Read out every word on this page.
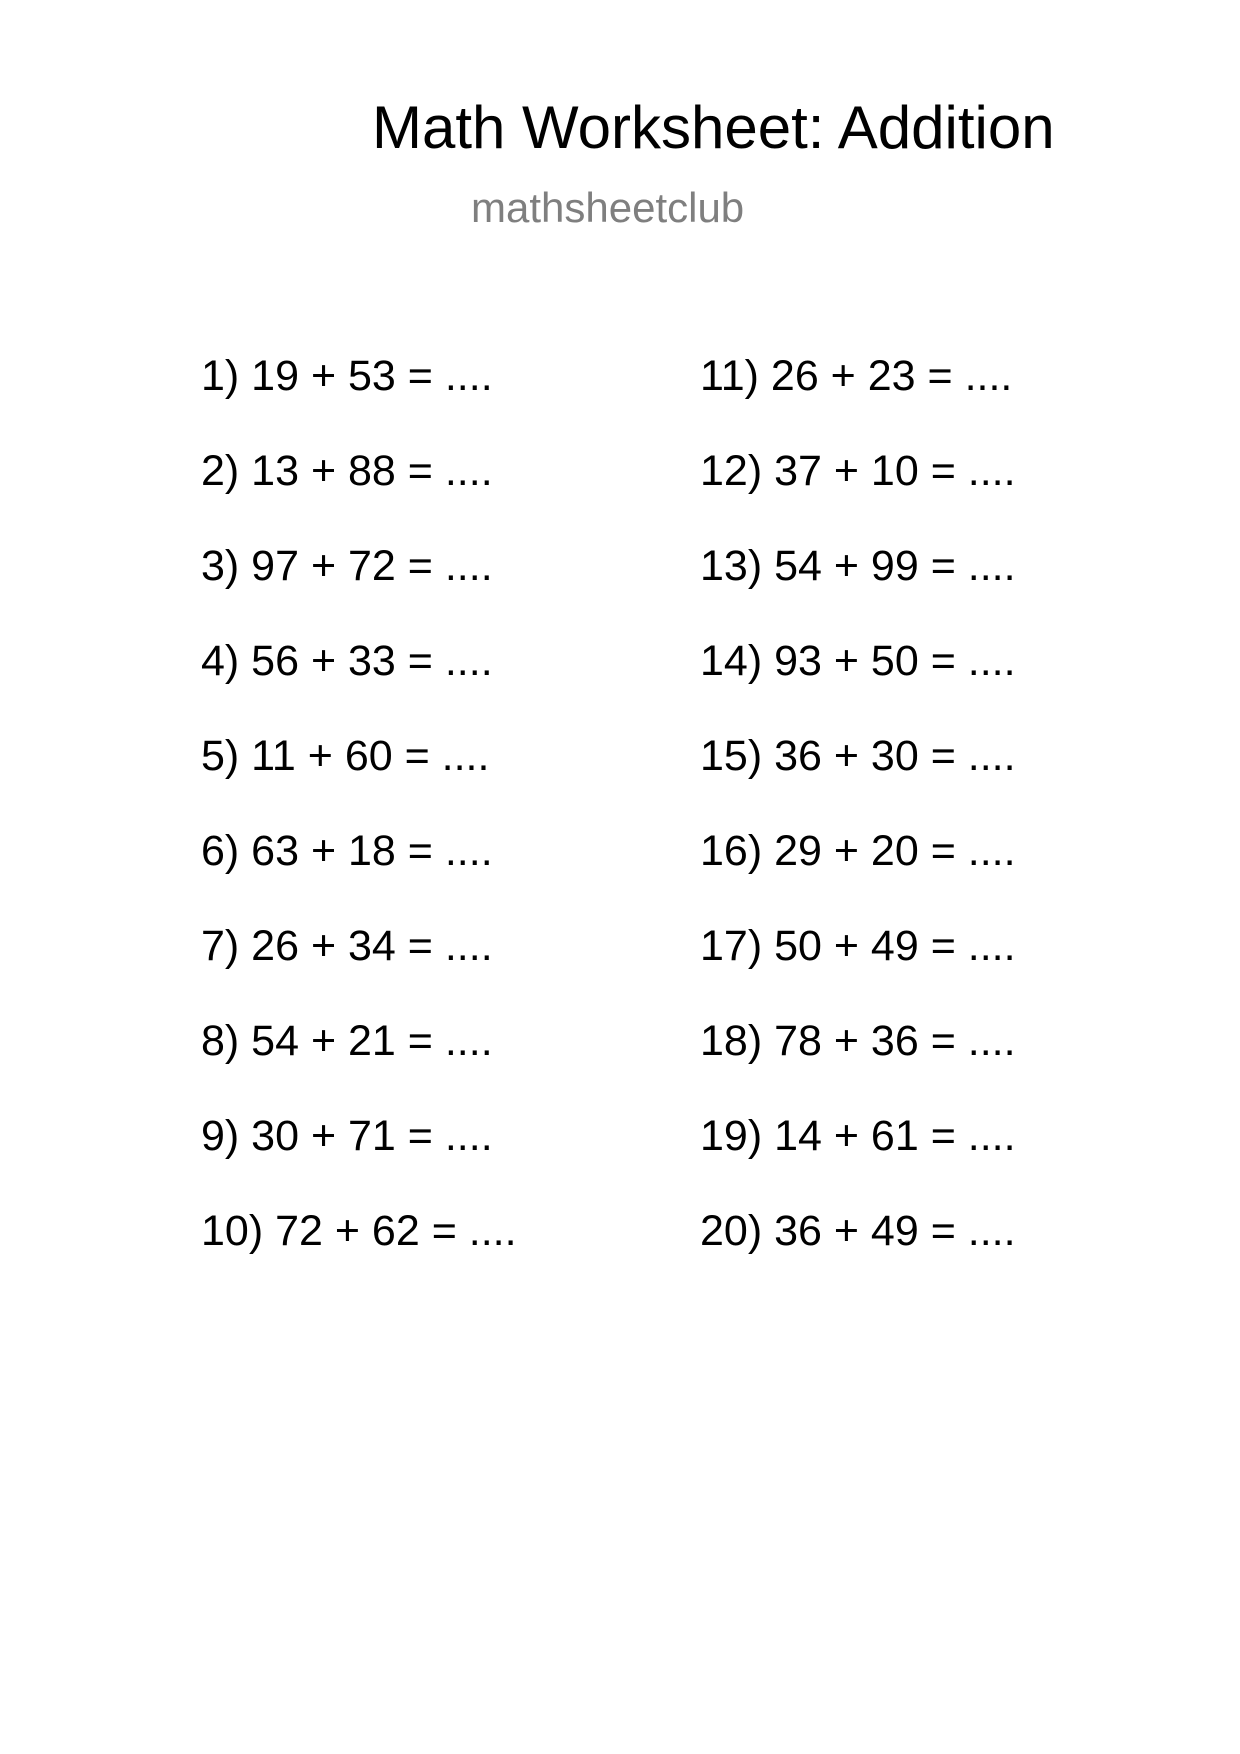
Math Worksheet: Addition
mathsheetclub
1) 19 + 53 = ....
2) 13 + 88 = ....
3) 97 + 72 = ....
4) 56 + 33 = ....
5) 11 + 60 = ....
6) 63 + 18 = ....
7) 26 + 34 = ....
8) 54 + 21 = ....
9) 30 + 71 = ....
10) 72 + 62 = ....
11) 26 + 23 = ....
12) 37 + 10 = ....
13) 54 + 99 = ....
14) 93 + 50 = ....
15) 36 + 30 = ....
16) 29 + 20 = ....
17) 50 + 49 = ....
18) 78 + 36 = ....
19) 14 + 61 = ....
20) 36 + 49 = ....
